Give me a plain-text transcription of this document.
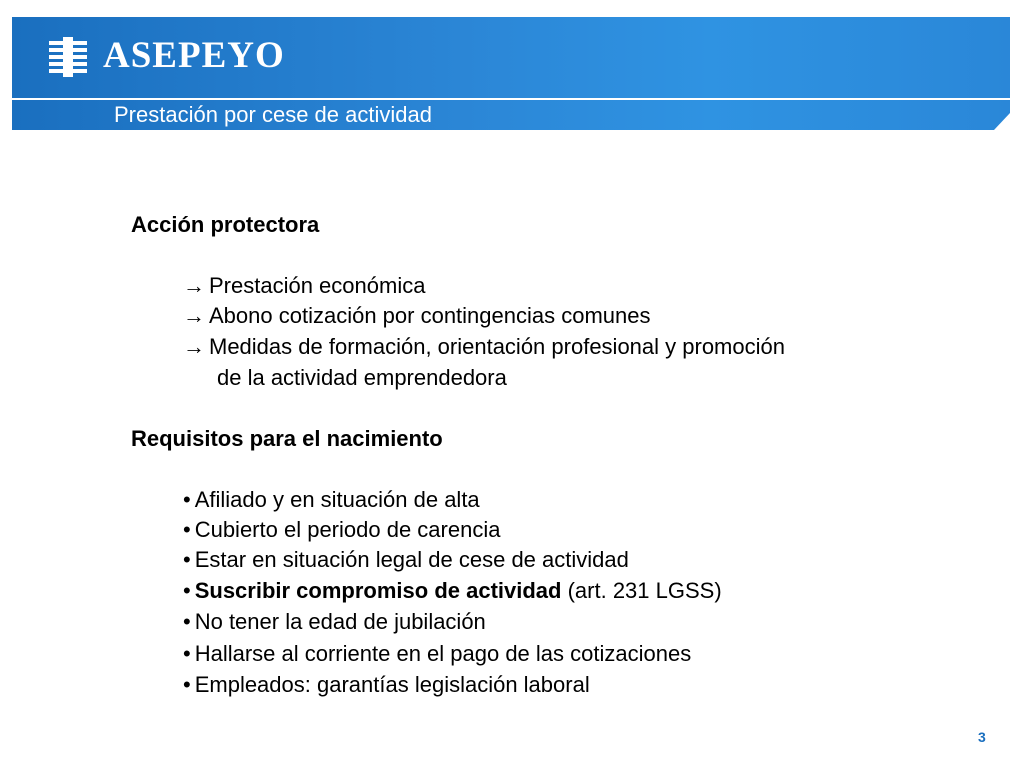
ASEPEYO
Prestación por cese de actividad
Acción protectora
→ Prestación económica
→ Abono cotización por contingencias comunes
→ Medidas de formación, orientación profesional y promoción
de la actividad emprendedora
Requisitos para el nacimiento
• Afiliado y en situación de alta
• Cubierto el periodo de carencia
• Estar en situación legal de cese de actividad
• Suscribir compromiso de actividad (art. 231 LGSS)
• No tener la edad de jubilación
• Hallarse al corriente en el pago de las cotizaciones
• Empleados: garantías legislación laboral
3
